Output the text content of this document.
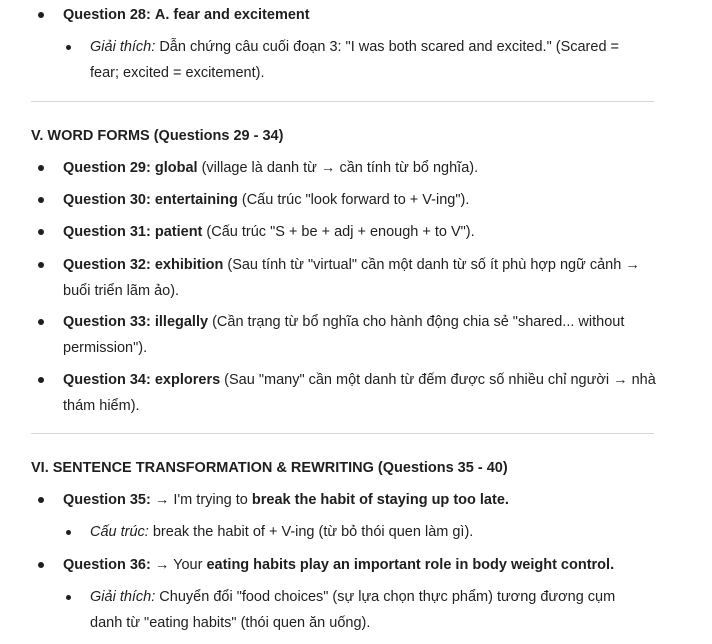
Question 28: A. fear and excitement
Giải thích: Dẫn chứng câu cuối đoạn 3: "I was both scared and excited." (Scared = fear; excited = excitement).
V. WORD FORMS (Questions 29 - 34)
Question 29: global (village là danh từ → cần tính từ bổ nghĩa).
Question 30: entertaining (Cấu trúc "look forward to + V-ing").
Question 31: patient (Cấu trúc "S + be + adj + enough + to V").
Question 32: exhibition (Sau tính từ "virtual" cần một danh từ số ít phù hợp ngữ cảnh → buổi triển lãm ảo).
Question 33: illegally (Cần trạng từ bổ nghĩa cho hành động chia sẻ "shared... without permission").
Question 34: explorers (Sau "many" cần một danh từ đếm được số nhiều chỉ người → nhà thám hiểm).
VI. SENTENCE TRANSFORMATION & REWRITING (Questions 35 - 40)
Question 35: → I'm trying to break the habit of staying up too late.
Cấu trúc: break the habit of + V-ing (từ bỏ thói quen làm gì).
Question 36: → Your eating habits play an important role in body weight control.
Giải thích: Chuyển đổi "food choices" (sự lựa chọn thực phẩm) tương đương cụm danh từ "eating habits" (thói quen ăn uống).
